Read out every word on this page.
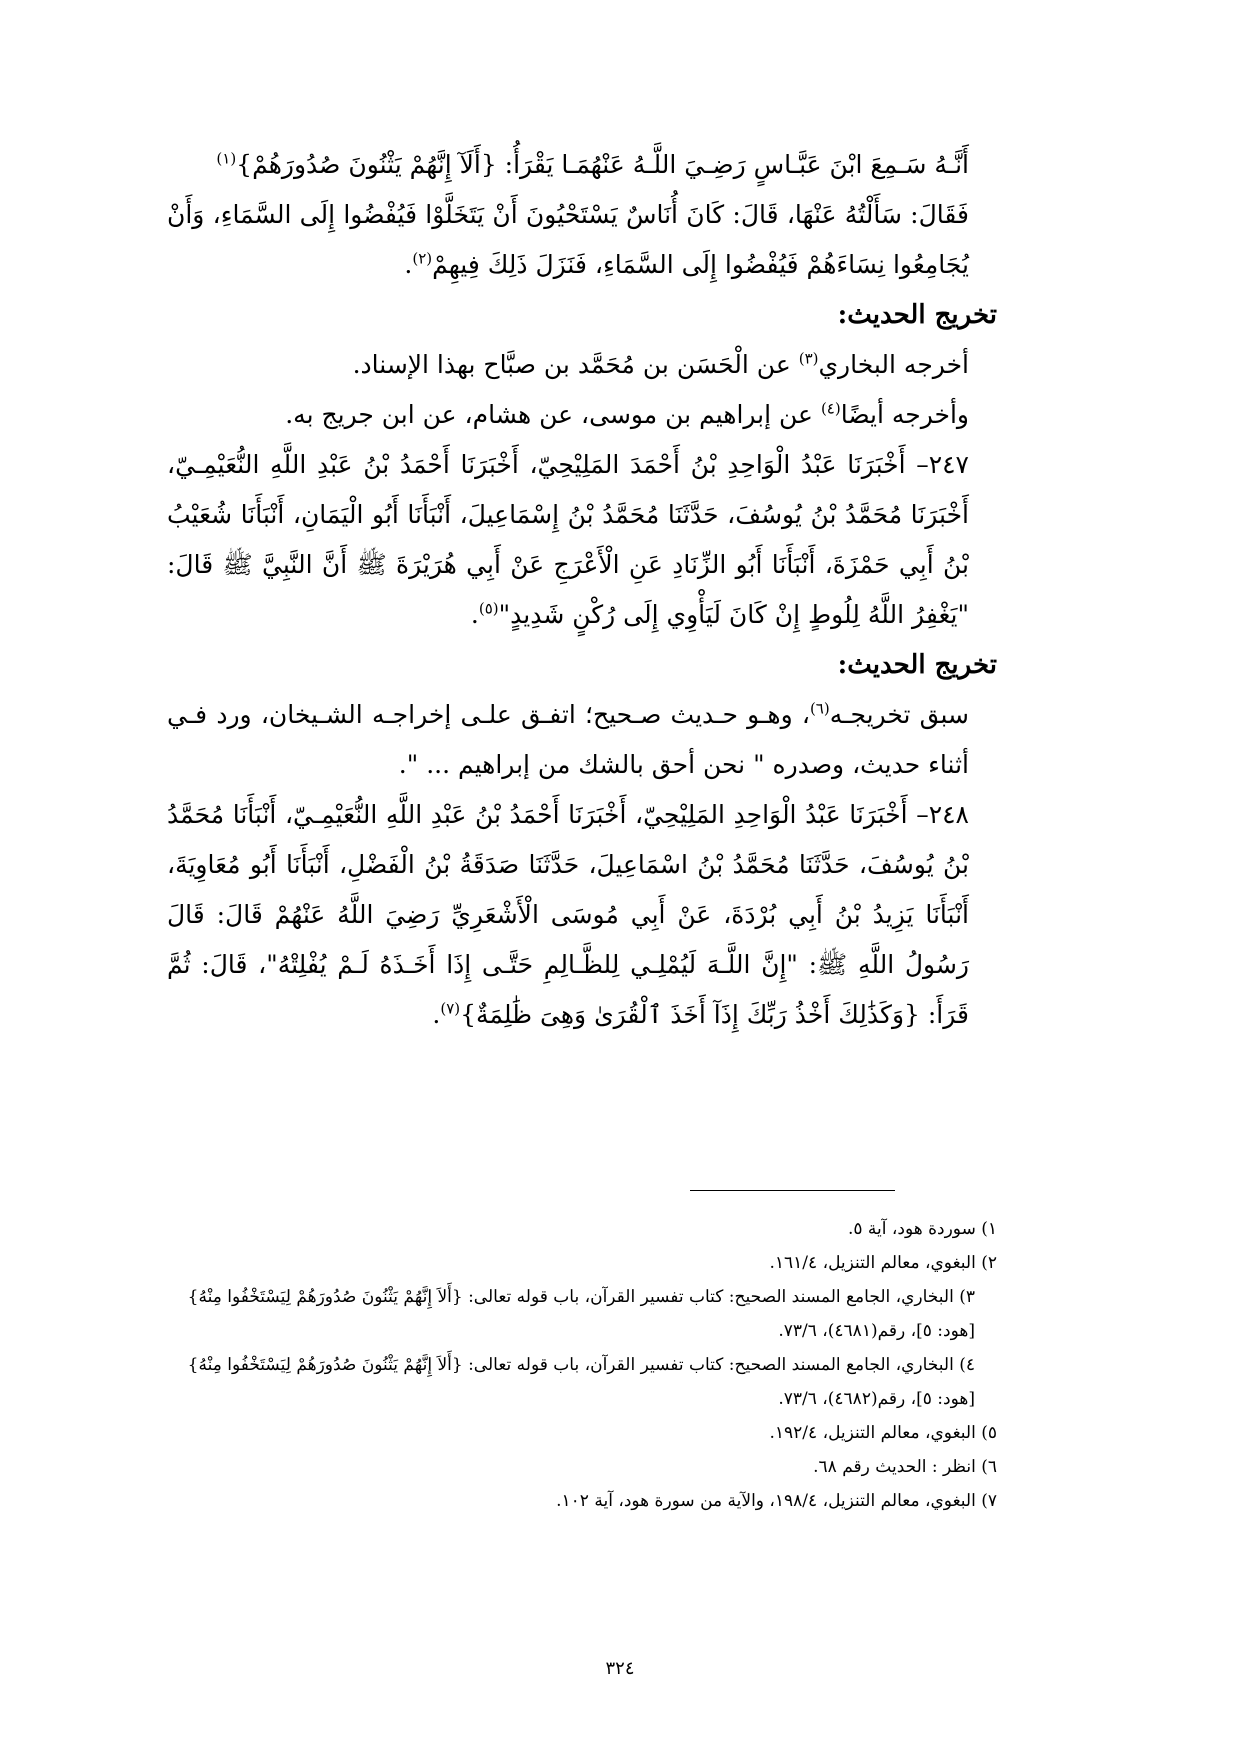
أَنَّـهُ سَـمِعَ ابْنَ عَبَّـاسٍ رَضِـيَ اللَّـهُ عَنْهُمَـا يَقْرَأُ: {أَلَآ إِنَّهُمْ يَثْنُونَ صُدُورَهُمْ}$^{(١)}$

فَقَالَ: سَأَلْتُهُ عَنْهَا، قَالَ: كَانَ أُنَاسٌ يَسْتَحْيُونَ أَنْ يَتَخَلَّوْا فَيُفْضُوا إِلَى السَّمَاءِ، وَأَنْ يُجَامِعُوا نِسَاءَهُمْ فَيُفْضُوا إِلَى السَّمَاءِ، فَنَزَلَ ذَلِكَ فِيهِمْ$^{(٢)}$.

تخريج الحديث:

أخرجه البخاري$^{(٣)}$ عن الْحَسَن بن مُحَمَّد بن صبَّاح بهذا الإسناد.

وأخرجه أيضًا$^{(٤)}$ عن إبراهيم بن موسى، عن هشام، عن ابن جريج به.

٢٤٧– أَخْبَرَنَا عَبْدُ الْوَاحِدِ بْنُ أَحْمَدَ المَلِيْحِيّ، أَخْبَرَنَا أَحْمَدُ بْنُ عَبْدِ اللَّهِ النُّعَيْمِـيّ، أَخْبَرَنَا مُحَمَّدُ بْنُ يُوسُفَ، حَدَّثَنَا مُحَمَّدُ بْنُ إِسْمَاعِيلَ، أَنْبَأَنَا أَبُو الْيَمَانِ، أَنْبَأَنَا شُعَيْبُ بْنُ أَبِي حَمْزَةَ، أَنْبَأَنَا أَبُو الزِّنَادِ عَنِ الْأَعْرَجِ عَنْ أَبِي هُرَيْرَةَ ﷺ أَنَّ النَّبِيَّ ﷺ قَالَ: "يَغْفِرُ اللَّهُ لِلُوطٍ إِنْ كَانَ لَيَأْوِي إِلَى رُكْنٍ شَدِيدٍ"$^{(٥)}$.

تخريج الحديث:

سبق تخريجـه$^{(٦)}$، وهـو حـديث صـحيح؛ اتفـق علـى إخراجـه الشـيخان، ورد فـي أثناء حديث، وصدره " نحن أحق بالشك من إبراهيم ... ".

٢٤٨– أَخْبَرَنَا عَبْدُ الْوَاحِدِ المَلِيْحِيّ، أَخْبَرَنَا أَحْمَدُ بْنُ عَبْدِ اللَّهِ النُّعَيْمِـيّ، أَنْبَأَنَا مُحَمَّدُ بْنُ يُوسُفَ، حَدَّثَنَا مُحَمَّدُ بْنُ اسْمَاعِيلَ، حَدَّثَنَا صَدَقَةُ بْنُ الْفَضْلِ، أَنْبَأَنَا أَبُو مُعَاوِيَةَ، أَنْبَأَنَا يَزِيدُ بْنُ أَبِي بُرْدَةَ، عَنْ أَبِي مُوسَى الْأَشْعَرِيِّ رَضِيَ اللَّهُ عَنْهُمْ قَالَ: قَالَ رَسُولُ اللَّهِ ﷺ: "إِنَّ اللَّـهَ لَيُمْلِـي لِلظَّـالِمِ حَتَّـى إِذَا أَخَـذَهُ لَـمْ يُفْلِتْهُ"، قَالَ: ثُمَّ قَرَأَ: {وَكَذَٰلِكَ أَخْذُ رَبِّكَ إِذَآ أَخَذَ ٱلْقُرَىٰ وَهِىَ ظَٰلِمَةٌ}$^{(٧)}$.

١) سوردة هود، آية ٥.

٢) البغوي، معالم التنزيل، ١٦١/٤.

٣) البخاري، الجامع المسند الصحيح: كتاب تفسير القرآن، باب قوله تعالى: {أَلاَ إِنَّهُمْ يَثْنُونَ صُدُورَهُمْ لِيَسْتَخْفُوا مِنْهُ}[هود: ٥]، رقم(٤٦٨١)، ٧٣/٦.

٤) البخاري، الجامع المسند الصحيح: كتاب تفسير القرآن، باب قوله تعالى: {أَلاَ إِنَّهُمْ يَثْنُونَ صُدُورَهُمْ لِيَسْتَخْفُوا مِنْهُ}[هود: ٥]، رقم(٤٦٨٢)، ٧٣/٦.

٥) البغوي، معالم التنزيل، ١٩٢/٤.

٦) انظر : الحديث رقم ٦٨.

٧) البغوي، معالم التنزيل، ١٩٨/٤، والآية من سورة هود، آية ١٠٢.

٣٢٤
